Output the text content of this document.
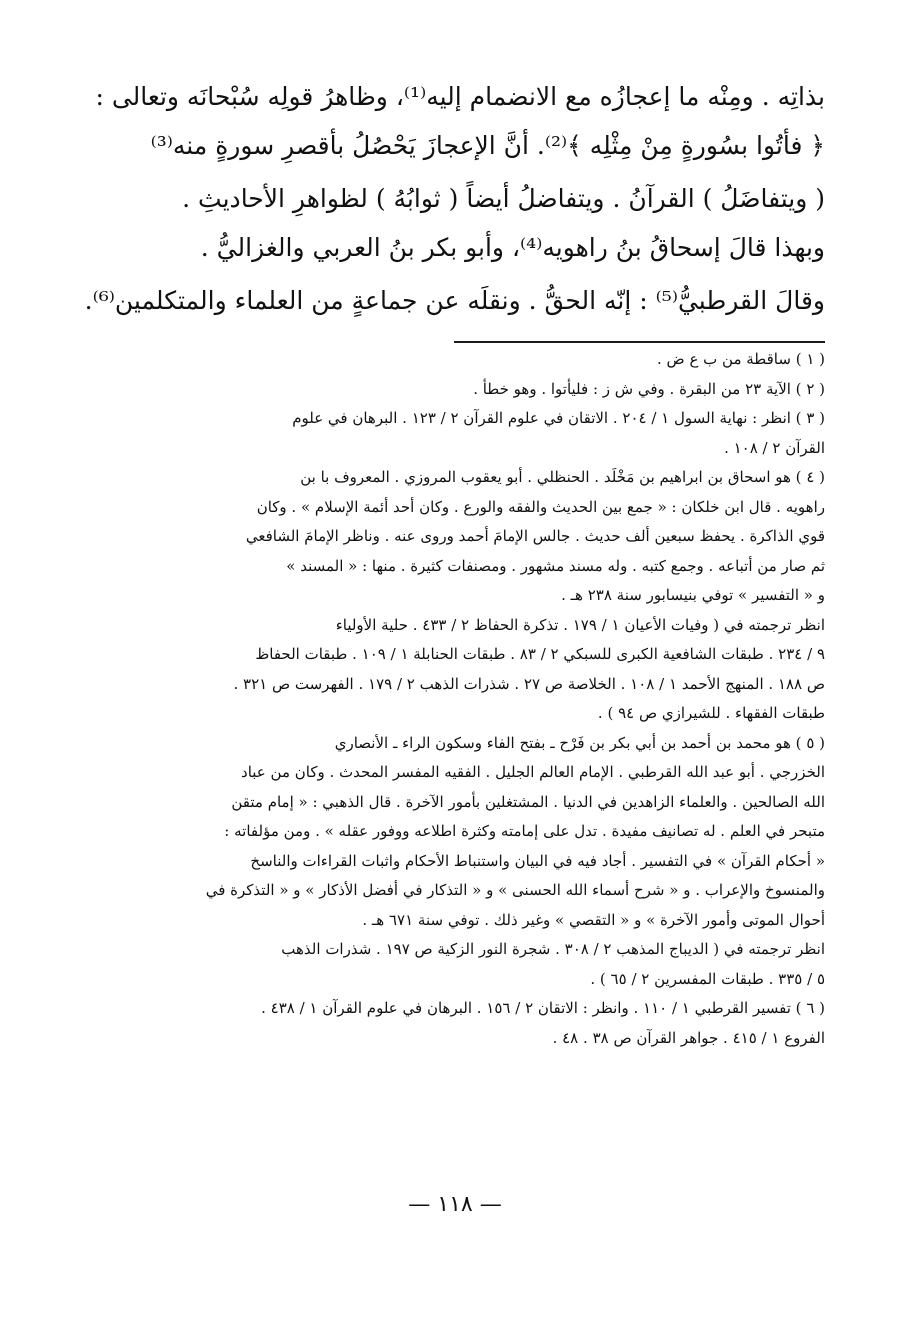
بذاتِه . ومِنْه ما إعجازُه مع الانضمام إليه⁽¹⁾، وظاهرُ قولِه سُبْحانَه وتعالى :
﴿ فأتُوا بسُورةٍ مِنْ مِثْلِه ﴾⁽²⁾. أنَّ الإعجازَ يَحْصُلُ بأقصرِ سورةٍ منه⁽³⁾
( ويتفاضَلُ ) القرآنُ . ويتفاضلُ أيضاً ( ثوابُهُ ) لظواهرِ الأحاديثِ .
وبهذا قالَ إسحاقُ بنُ راهويه⁽⁴⁾، وأبو بكر بنُ العربي والغزاليُّ .
وقالَ القرطبيُّ⁽⁵⁾ : إنّه الحقُّ . ونقلَه عن جماعةٍ من العلماء والمتكلمين⁽⁶⁾.
( ١ ) ساقطة من ب ع ض .
( ٢ ) الآية ٢٣ من البقرة . وفي ش ز : فليأتوا . وهو خطأ .
( ٣ ) انظر : نهاية السول ١ / ٢٠٤ . الاتقان في علوم القرآن ٢ / ١٢٣ . البرهان في علوم
القرآن ٢ / ١٠٨ .
( ٤ ) هو اسحاق بن ابراهيم بن مَخْلَد . الحنظلي . أبو يعقوب المروزي . المعروف با بن
راهويه . قال ابن خلكان : « جمع بين الحديث والفقه والورع . وكان أحد أئمة الإسلام » . وكان
قوي الذاكرة . يحفظ سبعين ألف حديث . جالس الإمامَ أحمد وروى عنه . وناظر الإمامَ الشافعي
ثم صار من أتباعه . وجمع كتبه . وله مسند مشهور . ومصنفات كثيرة . منها : « المسند »
و « التفسير » توفي بنيسابور سنة ٢٣٨ هـ .
انظر ترجمته في ( وفيات الأعيان ١ / ١٧٩ . تذكرة الحفاظ ٢ / ٤٣٣ . حلية الأولياء
٩ / ٢٣٤ . طبقات الشافعية الكبرى للسبكي ٢ / ٨٣ . طبقات الحنابلة ١ / ١٠٩ . طبقات الحفاظ
ص ١٨٨ . المنهج الأحمد ١ / ١٠٨ . الخلاصة ص ٢٧ . شذرات الذهب ٢ / ١٧٩ . الفهرست ص ٣٢١ .
طبقات الفقهاء . للشيرازي ص ٩٤ ) .
( ٥ ) هو محمد بن أحمد بن أبي بكر بن فَرْح ـ بفتح الفاء وسكون الراء ـ الأنصاري
الخزرجي . أبو عبد الله القرطبي . الإمام العالم الجليل . الفقيه المفسر المحدث . وكان من عباد
الله الصالحين . والعلماء الزاهدين في الدنيا . المشتغلين بأمور الآخرة . قال الذهبي : « إمام متقن
متبحر في العلم . له تصانيف مفيدة . تدل على إمامته وكثرة اطلاعه ووفور عقله » . ومن مؤلفاته :
« أحكام القرآن » في التفسير . أجاد فيه في البيان واستنباط الأحكام واثبات القراءات والناسخ
والمنسوخ والإعراب . و « شرح أسماء الله الحسنى » و « التذكار في أفضل الأذكار » و « التذكرة في
أحوال الموتى وأمور الآخرة » و « التقصي » وغير ذلك . توفي سنة ٦٧١ هـ .
انظر ترجمته في ( الديباج المذهب ٢ / ٣٠٨ . شجرة النور الزكية ص ١٩٧ . شذرات الذهب
٥ / ٣٣٥ . طبقات المفسرين ٢ / ٦٥ ) .
( ٦ ) تفسير القرطبي ١ / ١١٠ . وانظر : الاتقان ٢ / ١٥٦ . البرهان في علوم القرآن ١ / ٤٣٨ .
الفروع ١ / ٤١٥ . جواهر القرآن ص ٣٨ . ٤٨ .
— ١١٨ —
